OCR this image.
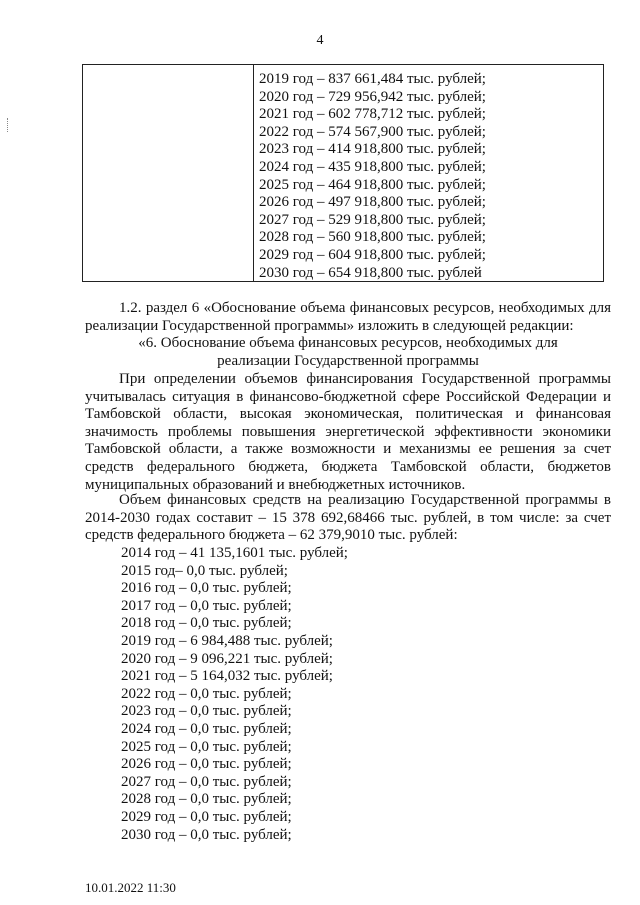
4
2019 год – 837 661,484 тыс. рублей;
2020 год – 729 956,942 тыс. рублей;
2021 год – 602 778,712 тыс. рублей;
2022 год – 574 567,900 тыс. рублей;
2023 год – 414 918,800 тыс. рублей;
2024 год – 435 918,800 тыс. рублей;
2025 год – 464 918,800 тыс. рублей;
2026 год – 497 918,800 тыс. рублей;
2027 год – 529 918,800 тыс. рублей;
2028 год – 560 918,800 тыс. рублей;
2029 год – 604 918,800 тыс. рублей;
2030 год – 654 918,800 тыс. рублей

1.2. раздел 6 «Обоснование объема финансовых ресурсов, необходимых для реализации Государственной программы» изложить в следующей редакции:

«6. Обоснование объема финансовых ресурсов, необходимых для
реализации Государственной программы

При определении объемов финансирования Государственной программы учитывалась ситуация в финансово-бюджетной сфере Российской Федерации и Тамбовской области, высокая экономическая, политическая и финансовая значимость проблемы повышения энергетической эффективности экономики Тамбовской области, а также возможности и механизмы ее решения за счет средств федерального бюджета, бюджета Тамбовской области, бюджетов муниципальных образований и внебюджетных источников.

Объем финансовых средств на реализацию Государственной программы в 2014-2030 годах составит – 15 378 692,68466 тыс. рублей, в том числе: за счет средств федерального бюджета – 62 379,9010 тыс. рублей:

2014 год – 41 135,1601 тыс. рублей;
2015 год– 0,0 тыс. рублей;
2016 год – 0,0 тыс. рублей;
2017 год – 0,0 тыс. рублей;
2018 год – 0,0 тыс. рублей;
2019 год – 6 984,488 тыс. рублей;
2020 год – 9 096,221 тыс. рублей;
2021 год – 5 164,032 тыс. рублей;
2022 год – 0,0 тыс. рублей;
2023 год – 0,0 тыс. рублей;
2024 год – 0,0 тыс. рублей;
2025 год – 0,0 тыс. рублей;
2026 год – 0,0 тыс. рублей;
2027 год – 0,0 тыс. рублей;
2028 год – 0,0 тыс. рублей;
2029 год – 0,0 тыс. рублей;
2030 год – 0,0 тыс. рублей;
10.01.2022 11:30
